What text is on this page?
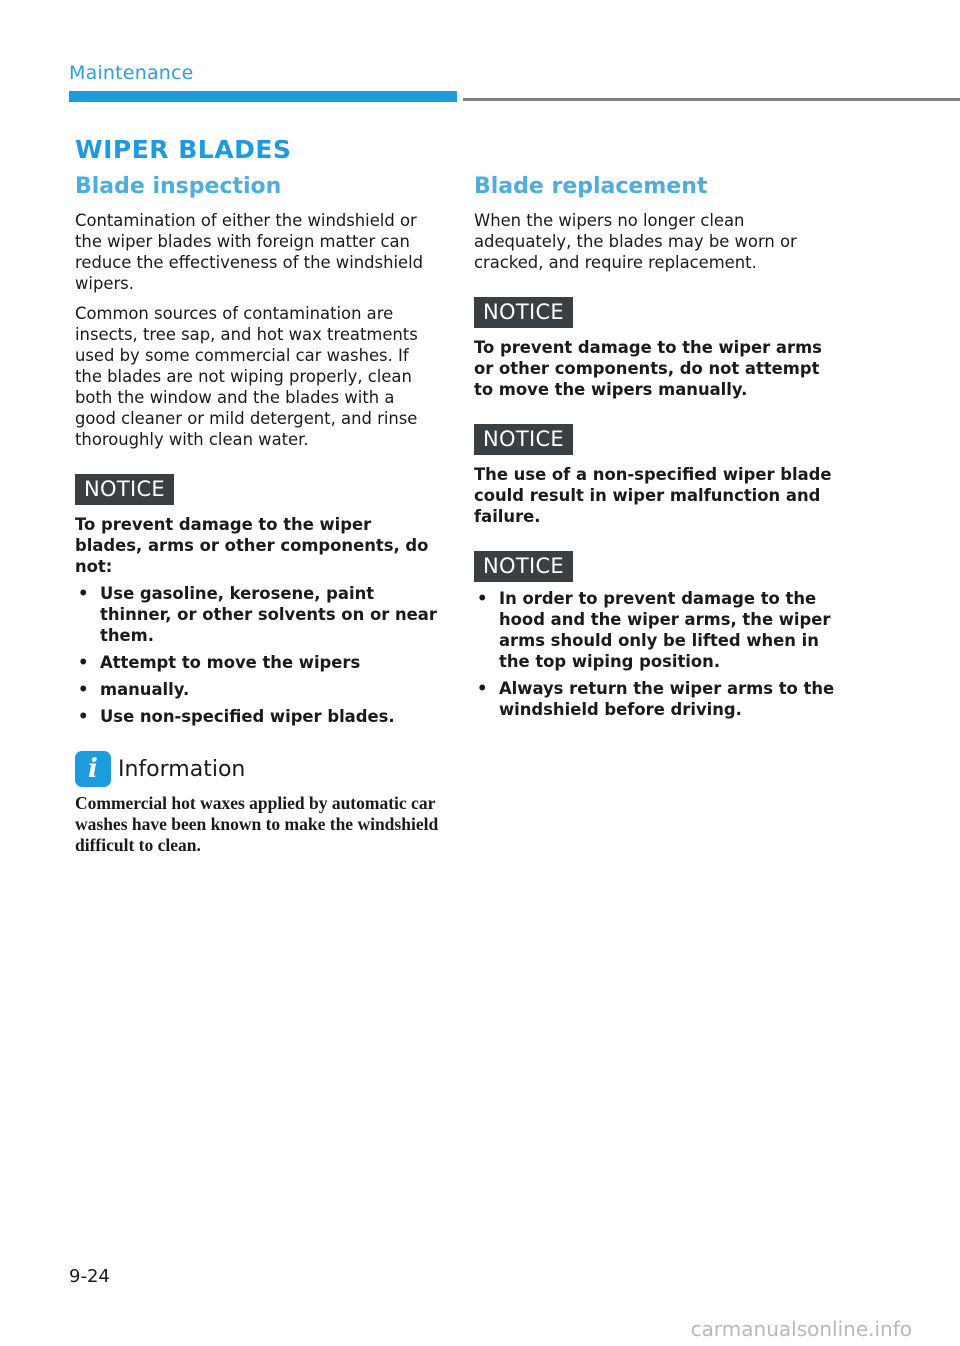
Maintenance
WIPER BLADES
Blade inspection

Contamination of either the windshield or the wiper blades with foreign matter can reduce the effectiveness of the windshield wipers.

Common sources of contamination are insects, tree sap, and hot wax treatments used by some commercial car washes. If the blades are not wiping properly, clean both the window and the blades with a good cleaner or mild detergent, and rinse thoroughly with clean water.

NOTICE

To prevent damage to the wiper blades, arms or other components, do not:

• Use gasoline, kerosene, paint thinner, or other solvents on or near them.
• Attempt to move the wipers
• manually.
• Use non-specified wiper blades.
i Information

Commercial hot waxes applied by automatic car washes have been known to make the windshield difficult to clean.

Blade replacement

When the wipers no longer clean adequately, the blades may be worn or cracked, and require replacement.

NOTICE

To prevent damage to the wiper arms or other components, do not attempt to move the wipers manually.

NOTICE

The use of a non-specified wiper blade could result in wiper malfunction and failure.

NOTICE
• In order to prevent damage to the hood and the wiper arms, the wiper arms should only be lifted when in the top wiping position.
• Always return the wiper arms to the windshield before driving.
9-24
carmanualsonline.info
